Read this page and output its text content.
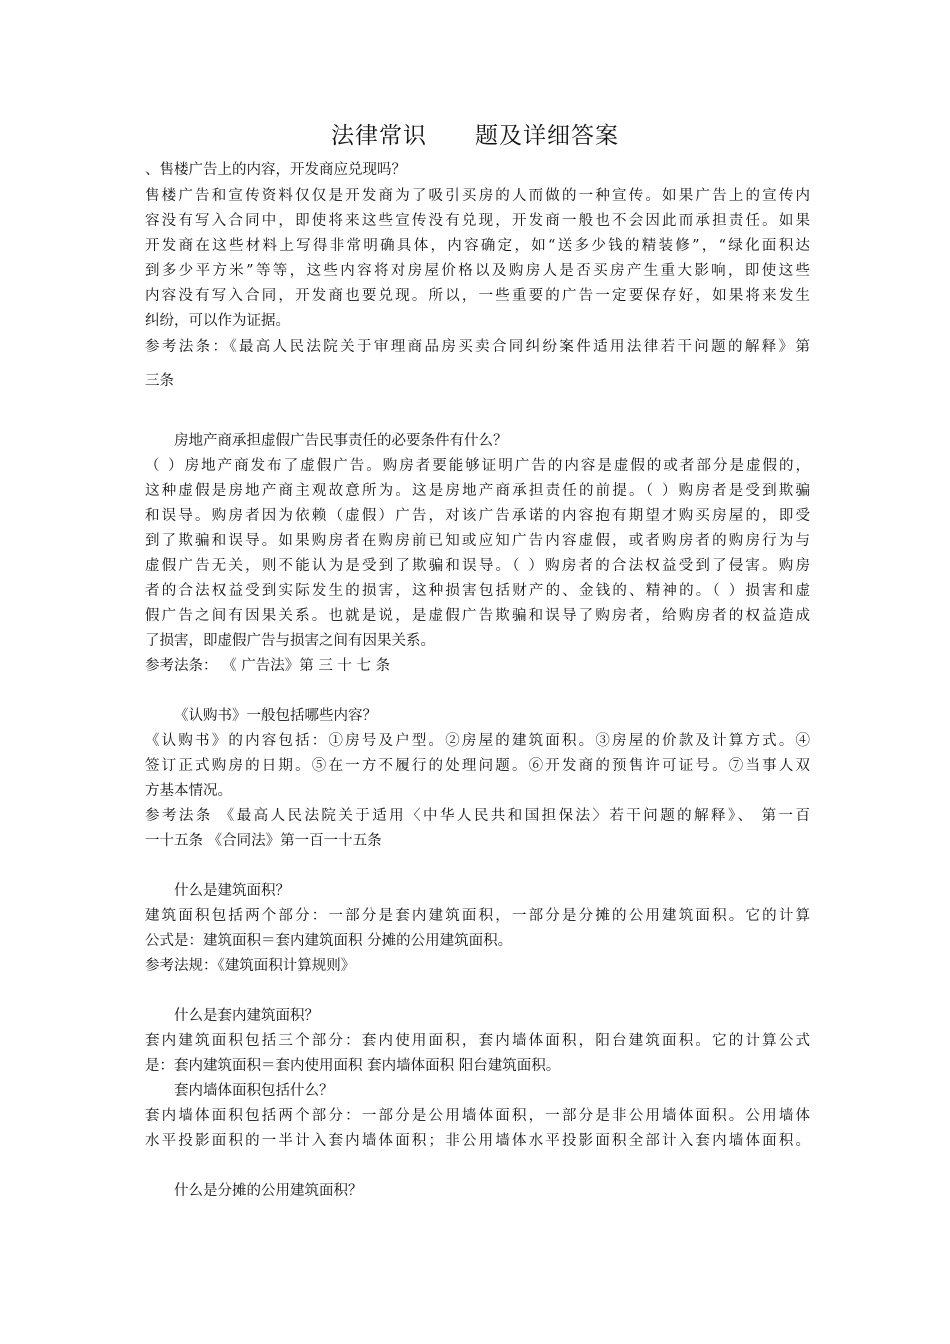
法律常识 题及详细答案
、售楼广告上的内容，开发商应兑现吗？
售楼广告和宣传资料仅仅是开发商为了吸引买房的人而做的一种宣传。如果广告上的宣传内
容没有写入合同中，即使将来这些宣传没有兑现，开发商一般也不会因此而承担责任。如果
开发商在这些材料上写得非常明确具体，内容确定，如“送多少钱的精装修”，“绿化面积达
到多少平方米”等等，这些内容将对房屋价格以及购房人是否买房产生重大影响，即使这些
内容没有写入合同，开发商也要兑现。所以，一些重要的广告一定要保存好，如果将来发生
纠纷，可以作为证据。
参考法条：《最高人民法院关于审理商品房买卖合同纠纷案件适用法律若干问题的解释》第
三条
房地产商承担虚假广告民事责任的必要条件有什么？
（ ）房地产商发布了虚假广告。购房者要能够证明广告的内容是虚假的或者部分是虚假的，
这种虚假是房地产商主观故意所为。这是房地产商承担责任的前提。（ ）购房者是受到欺骗
和误导。购房者因为依赖（虚假）广告，对该广告承诺的内容抱有期望才购买房屋的，即受
到了欺骗和误导。如果购房者在购房前已知或应知广告内容虚假，或者购房者的购房行为与
虚假广告无关，则不能认为是受到了欺骗和误导。（ ）购房者的合法权益受到了侵害。购房
者的合法权益受到实际发生的损害，这种损害包括财产的、金钱的、精神的。（ ）损害和虚
假广告之间有因果关系。也就是说，是虚假广告欺骗和误导了购房者，给购房者的权益造成
了损害，即虚假广告与损害之间有因果关系。
参考法条： 《 广告法》第 三 十 七 条
《认购书》一般包括哪些内容？
《认购书》的内容包括：①房号及户型。②房屋的建筑面积。③房屋的价款及计算方式。④
签订正式购房的日期。⑤在一方不履行的处理问题。⑥开发商的预售许可证号。⑦当事人双
方基本情况。
参考法条 《最高人民法院关于适用〈中华人民共和国担保法〉若干问题的解释》、 第一百
一十五条 《合同法》第一百一十五条
什么是建筑面积？
建筑面积包括两个部分：一部分是套内建筑面积，一部分是分摊的公用建筑面积。它的计算
公式是：建筑面积＝套内建筑面积 分摊的公用建筑面积。
参考法规：《建筑面积计算规则》
什么是套内建筑面积？
套内建筑面积包括三个部分：套内使用面积，套内墙体面积，阳台建筑面积。它的计算公式
是：套内建筑面积＝套内使用面积 套内墙体面积 阳台建筑面积。
套内墙体面积包括什么？
套内墙体面积包括两个部分：一部分是公用墙体面积，一部分是非公用墙体面积。公用墙体
水平投影面积的一半计入套内墙体面积；非公用墙体水平投影面积全部计入套内墙体面积。
什么是分摊的公用建筑面积？
